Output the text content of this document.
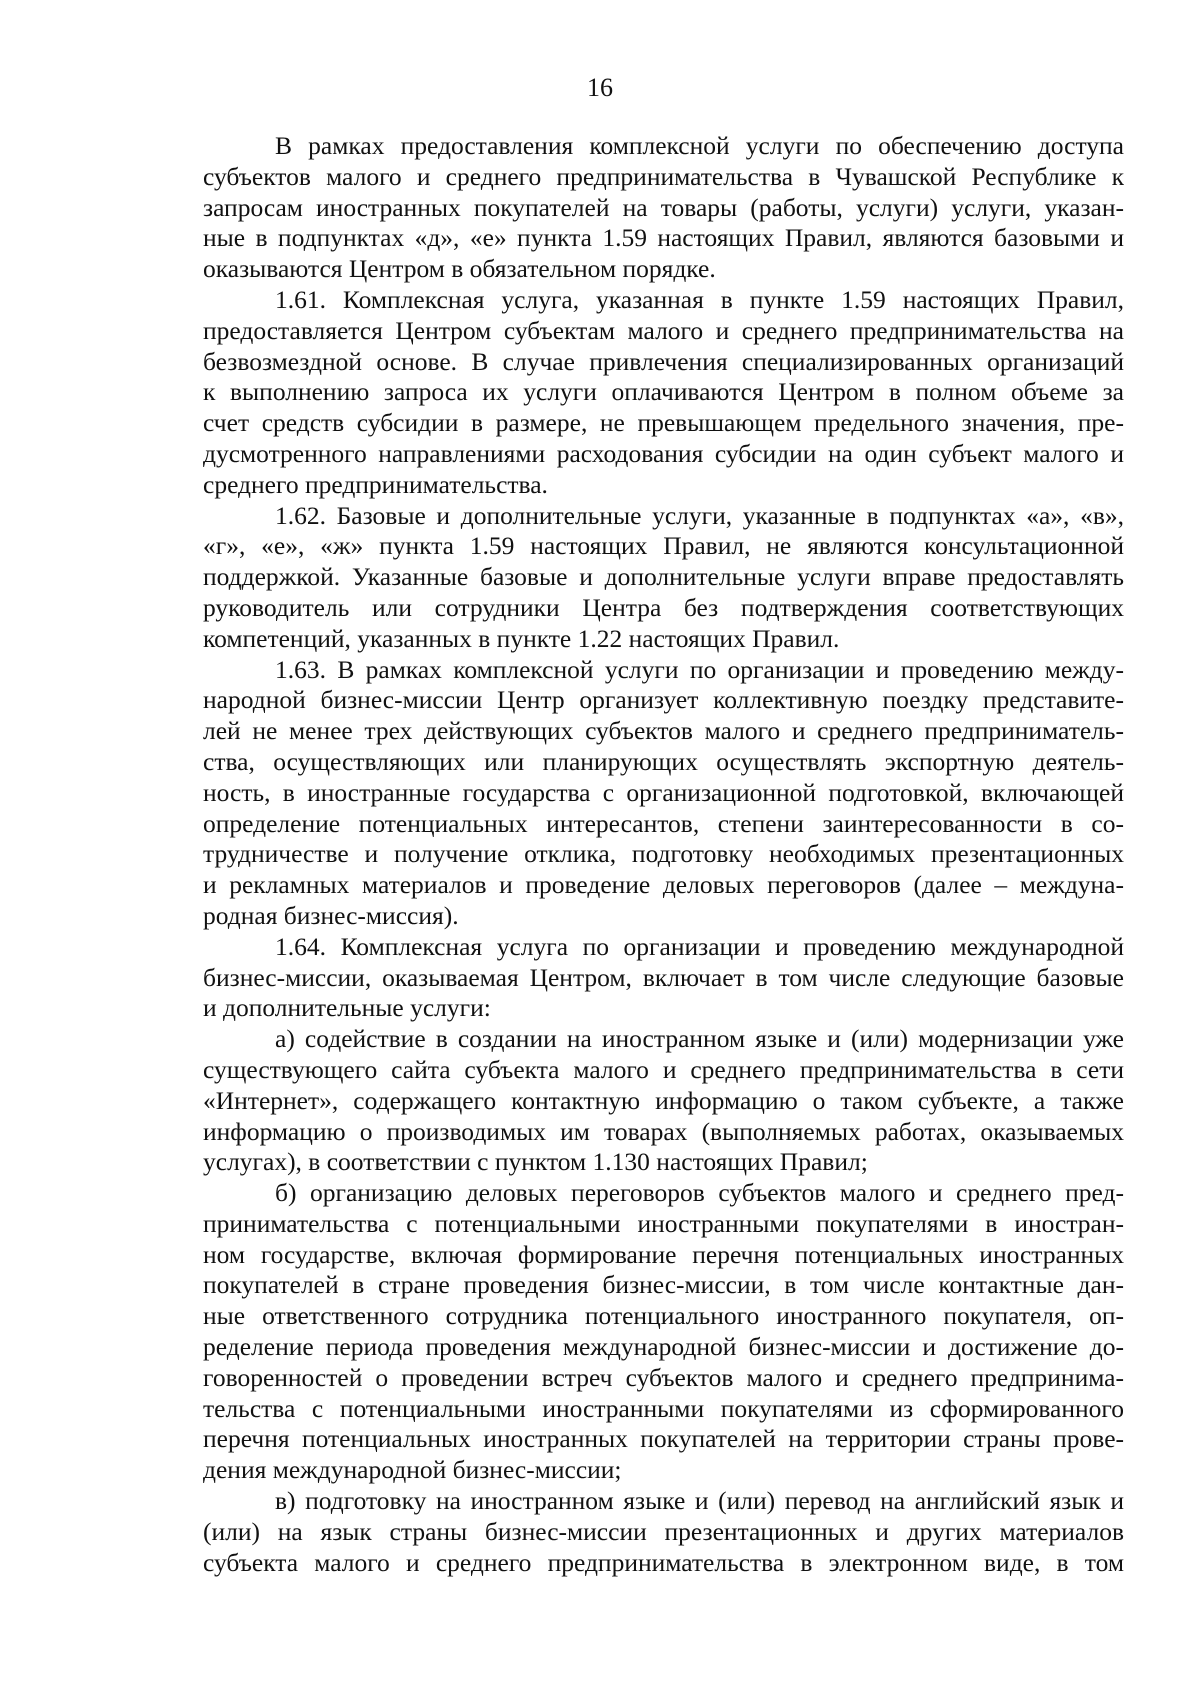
16
В рамках предоставления комплексной услуги по обеспечению доступа
субъектов малого и среднего предпринимательства в Чувашской Республике к
запросам иностранных покупателей на товары (работы, услуги) услуги, указан-
ные в подпунктах «д», «е» пункта 1.59 настоящих Правил, являются базовыми и
оказываются Центром в обязательном порядке.
1.61. Комплексная услуга, указанная в пункте 1.59 настоящих Правил,
предоставляется Центром субъектам малого и среднего предпринимательства на
безвозмездной основе. В случае привлечения специализированных организаций
к выполнению запроса их услуги оплачиваются Центром в полном объеме за
счет средств субсидии в размере, не превышающем предельного значения, пре-
дусмотренного направлениями расходования субсидии на один субъект малого и
среднего предпринимательства.
1.62. Базовые и дополнительные услуги, указанные в подпунктах «а», «в»,
«г», «е», «ж» пункта 1.59 настоящих Правил, не являются консультационной
поддержкой. Указанные базовые и дополнительные услуги вправе предоставлять
руководитель или сотрудники Центра без подтверждения соответствующих
компетенций, указанных в пункте 1.22 настоящих Правил.
1.63. В рамках комплексной услуги по организации и проведению между-
народной бизнес-миссии Центр организует коллективную поездку представите-
лей не менее трех действующих субъектов малого и среднего предприниматель-
ства, осуществляющих или планирующих осуществлять экспортную деятель-
ность, в иностранные государства с организационной подготовкой, включающей
определение потенциальных интересантов, степени заинтересованности в со-
трудничестве и получение отклика, подготовку необходимых презентационных
и рекламных материалов и проведение деловых переговоров (далее – междуна-
родная бизнес-миссия).
1.64. Комплексная услуга по организации и проведению международной
бизнес-миссии, оказываемая Центром, включает в том числе следующие базовые
и дополнительные услуги:
а) содействие в создании на иностранном языке и (или) модернизации уже
существующего сайта субъекта малого и среднего предпринимательства в сети
«Интернет», содержащего контактную информацию о таком субъекте, а также
информацию о производимых им товарах (выполняемых работах, оказываемых
услугах), в соответствии с пунктом 1.130 настоящих Правил;
б) организацию деловых переговоров субъектов малого и среднего пред-
принимательства с потенциальными иностранными покупателями в иностран-
ном государстве, включая формирование перечня потенциальных иностранных
покупателей в стране проведения бизнес-миссии, в том числе контактные дан-
ные ответственного сотрудника потенциального иностранного покупателя, оп-
ределение периода проведения международной бизнес-миссии и достижение до-
говоренностей о проведении встреч субъектов малого и среднего предпринима-
тельства с потенциальными иностранными покупателями из сформированного
перечня потенциальных иностранных покупателей на территории страны прове-
дения международной бизнес-миссии;
в) подготовку на иностранном языке и (или) перевод на английский язык и
(или) на язык страны бизнес-миссии презентационных и других материалов
субъекта малого и среднего предпринимательства в электронном виде, в том
